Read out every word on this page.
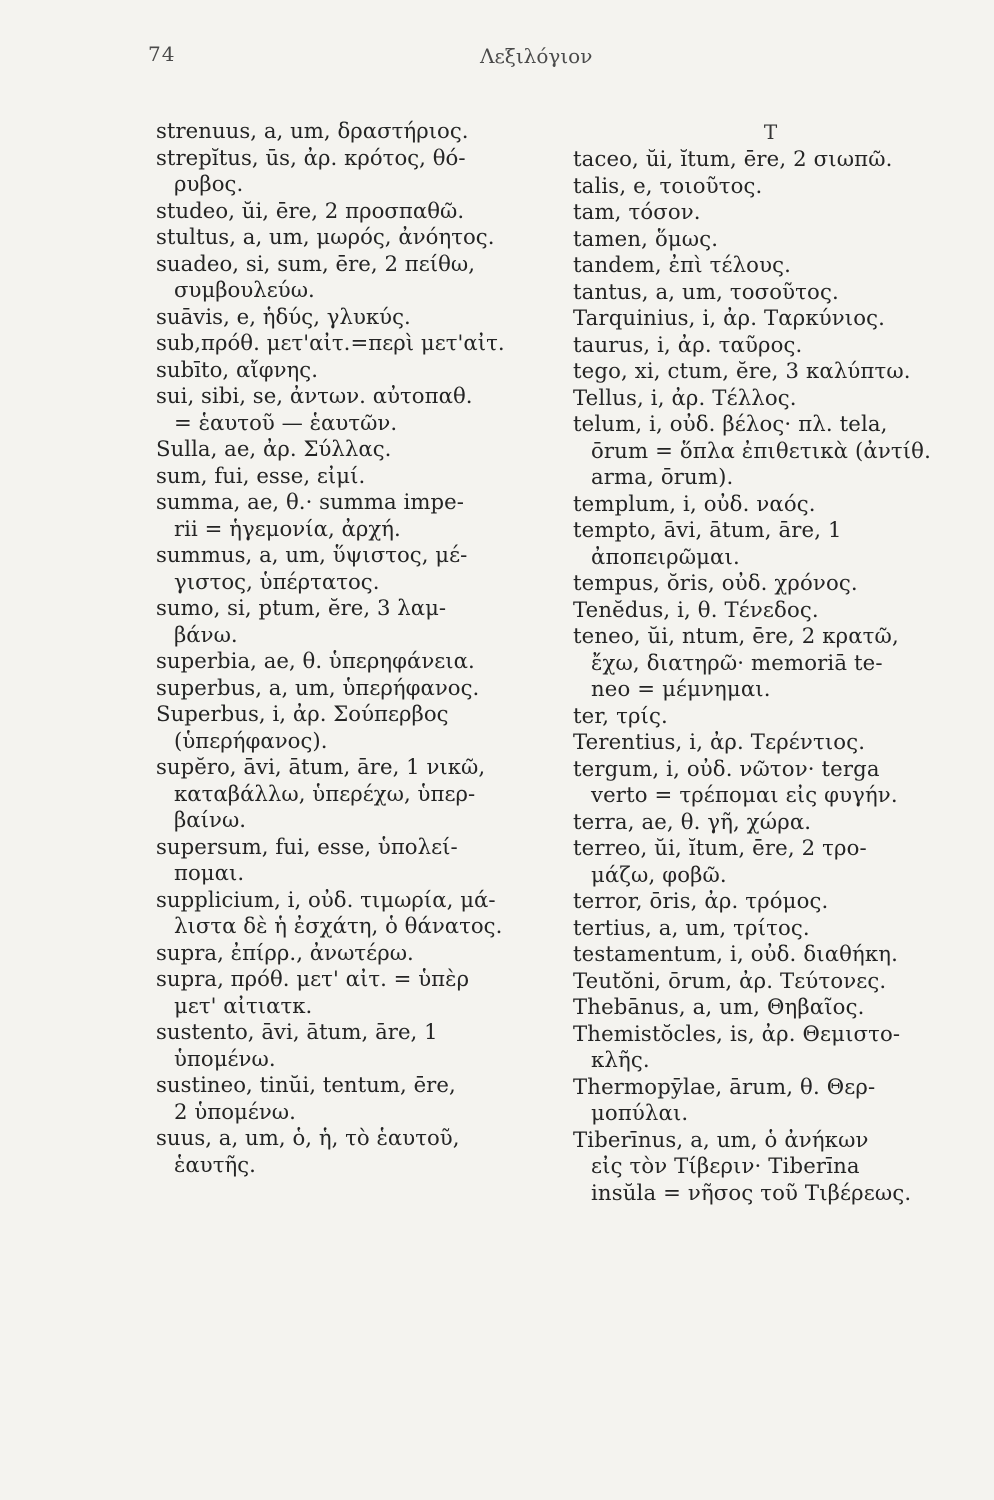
74	Λεξιλόγιον
strenuus, a, um, δραστήριος.
strepĭtus, ūs, ἀρ. κρότος, θό-
ρυβος.
studeo, ŭi, ēre, 2 προσπαθῶ.
stultus, a, um, μωρός, ἀνόητος.
suadeo, si, sum, ēre, 2 πείθω,
συμβουλεύω.
suāvis, e, ἡδύς, γλυκύς.
sub,πρόθ. μετ'αἰτ.=περὶ μετ'αἰτ.
subīto, αἴφνης.
sui, sibi, se, ἀντων. αὐτοπαθ.
= ἑαυτοῦ — ἑαυτῶν.
Sulla, ae, ἀρ. Σύλλας.
sum, fui, esse, εἰμί.
summa, ae, θ.· summa impe-
rii = ἡγεμονία, ἀρχή.
summus, a, um, ὕψιστος, μέ-
γιστος, ὑπέρτατος.
sumo, si, ptum, ĕre, 3 λαμ-
βάνω.
superbia, ae, θ. ὑπερηφάνεια.
superbus, a, um, ὑπερήφανος.
Superbus, i, ἀρ. Σούπερβος
(ὑπερήφανος).
supĕro, āvi, ātum, āre, 1 νικῶ,
καταβάλλω, ὑπερέχω, ὑπερ-
βαίνω.
supersum, fui, esse, ὑπολεί-
πομαι.
supplicium, i, οὐδ. τιμωρία, μά-
λιστα δὲ ἡ ἐσχάτη, ὁ θάνατος.
supra, ἐπίρρ., ἀνωτέρω.
supra, πρόθ. μετ' αἰτ. = ὑπὲρ
μετ' αἰτιατκ.
sustento, āvi, ātum, āre, 1
ὑπομένω.
sustineo, tinŭi, tentum, ēre,
2 ὑπομένω.
suus, a, um, ὁ, ἡ, τὸ ἑαυτοῦ,
ἑαυτῆς.
T
taceo, ŭi, ĭtum, ēre, 2 σιωπῶ.
talis, e, τοιοῦτος.
tam, τόσον.
tamen, ὅμως.
tandem, ἐπὶ τέλους.
tantus, a, um, τοσοῦτος.
Tarquinius, i, ἀρ. Ταρκύνιος.
taurus, i, ἀρ. ταῦρος.
tego, xi, ctum, ĕre, 3 καλύπτω.
Tellus, i, ἀρ. Τέλλος.
telum, i, οὐδ. βέλος· πλ. tela,
ōrum = ὅπλα ἐπιθετικὰ (ἀντίθ.
arma, ōrum).
templum, i, οὐδ. ναός.
tempto, āvi, ātum, āre, 1
ἀποπειρῶμαι.
tempus, ŏris, οὐδ. χρόνος.
Tenĕdus, i, θ. Τένεδος.
teneo, ŭi, ntum, ēre, 2 κρατῶ,
ἔχω, διατηρῶ· memoriā te-
neo = μέμνημαι.
ter, τρίς.
Terentius, i, ἀρ. Τερέντιος.
tergum, i, οὐδ. νῶτον· terga
verto = τρέπομαι εἰς φυγήν.
terra, ae, θ. γῆ, χώρα.
terreo, ŭi, ĭtum, ēre, 2 τρο-
μάζω, φοβῶ.
terror, ōris, ἀρ. τρόμος.
tertius, a, um, τρίτος.
testamentum, i, οὐδ. διαθήκη.
Teutŏni, ōrum, ἀρ. Τεύτονες.
Thebānus, a, um, Θηβαῖος.
Themistŏcles, is, ἀρ. Θεμιστο-
κλῆς.
Thermopȳlae, ārum, θ. Θερ-
μοπύλαι.
Tiberīnus, a, um, ὁ ἀνήκων
εἰς τὸν Τίβεριν· Tiberīna
insŭla = νῆσος τοῦ Τιβέρεως.
